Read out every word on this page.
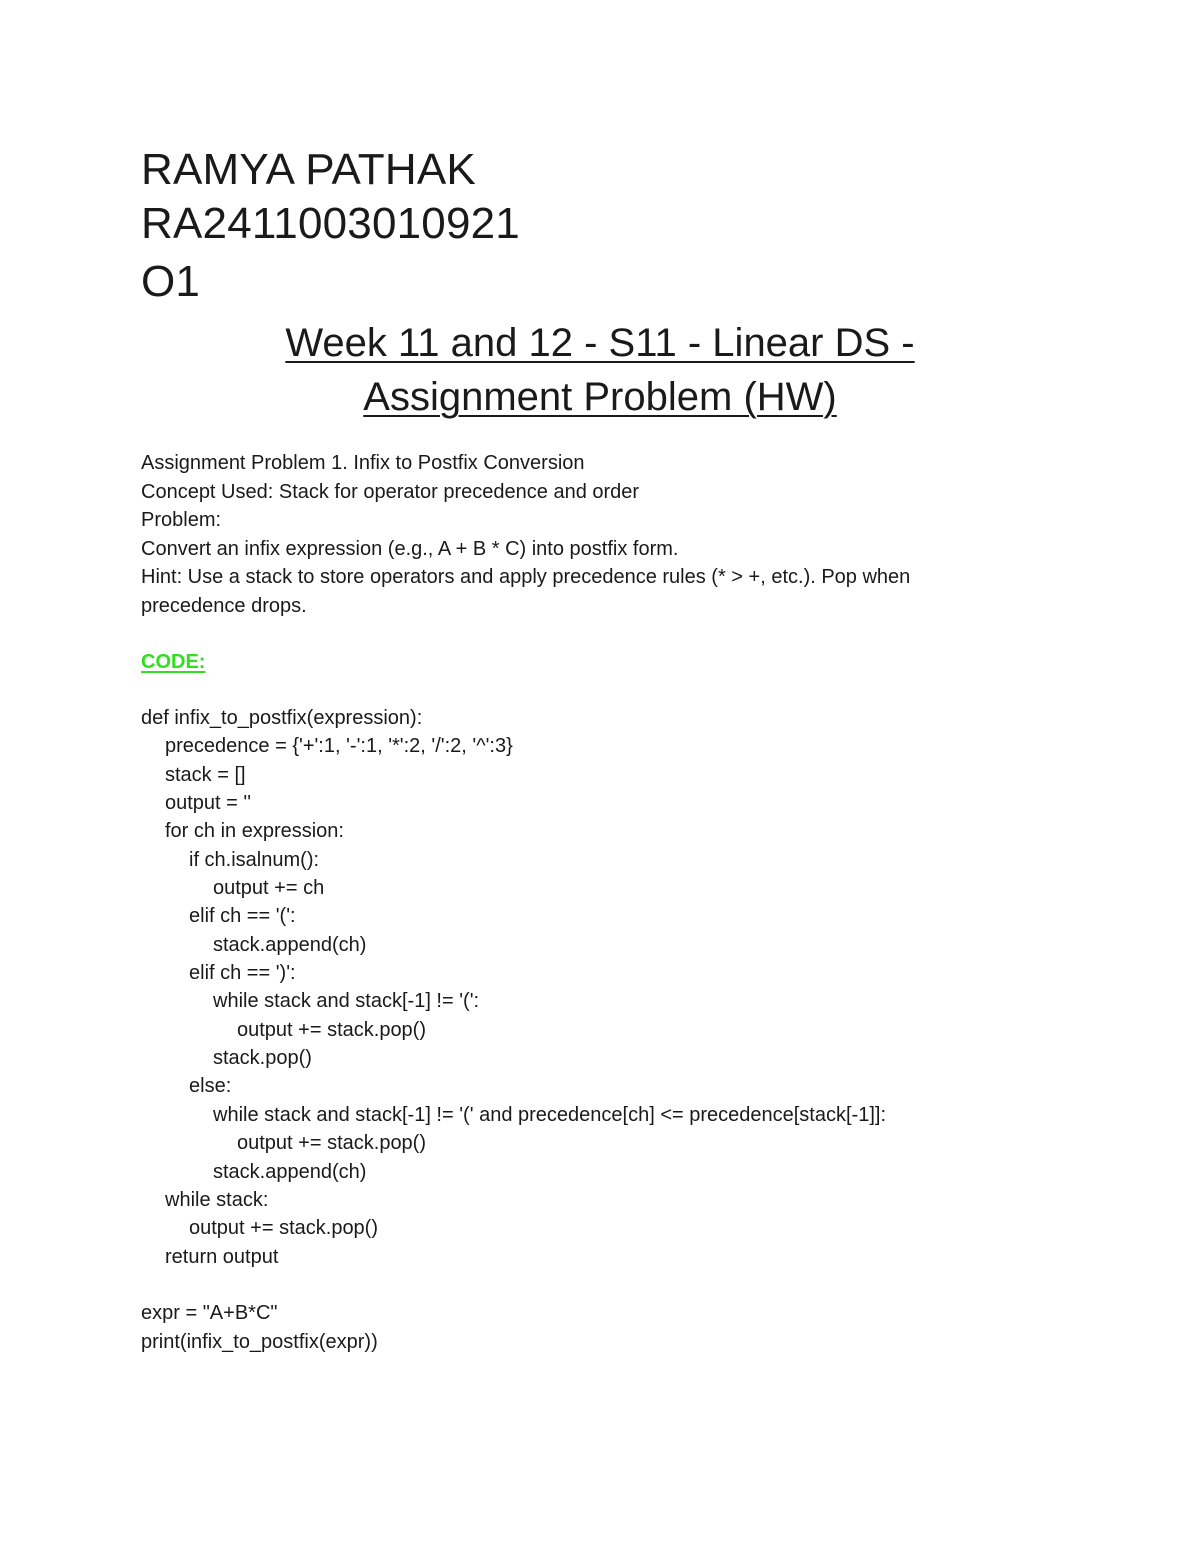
RAMYA PATHAK
RA2411003010921
O1
Week 11 and 12 - S11 - Linear DS -
Assignment Problem (HW)
Assignment Problem 1. Infix to Postfix Conversion
Concept Used: Stack for operator precedence and order
Problem:
Convert an infix expression (e.g., A + B * C) into postfix form.
Hint: Use a stack to store operators and apply precedence rules (* > +, etc.). Pop when
precedence drops.
CODE:
def infix_to_postfix(expression):
precedence = {'+':1, '-':1, '*':2, '/':2, '^':3}
stack = []
output = ''
for ch in expression:
if ch.isalnum():
output += ch
elif ch == '(':
stack.append(ch)
elif ch == ')':
while stack and stack[-1] != '(':
output += stack.pop()
stack.pop()
else:
while stack and stack[-1] != '(' and precedence[ch] <= precedence[stack[-1]]:
output += stack.pop()
stack.append(ch)
while stack:
output += stack.pop()
return output
expr = "A+B*C"
print(infix_to_postfix(expr))
